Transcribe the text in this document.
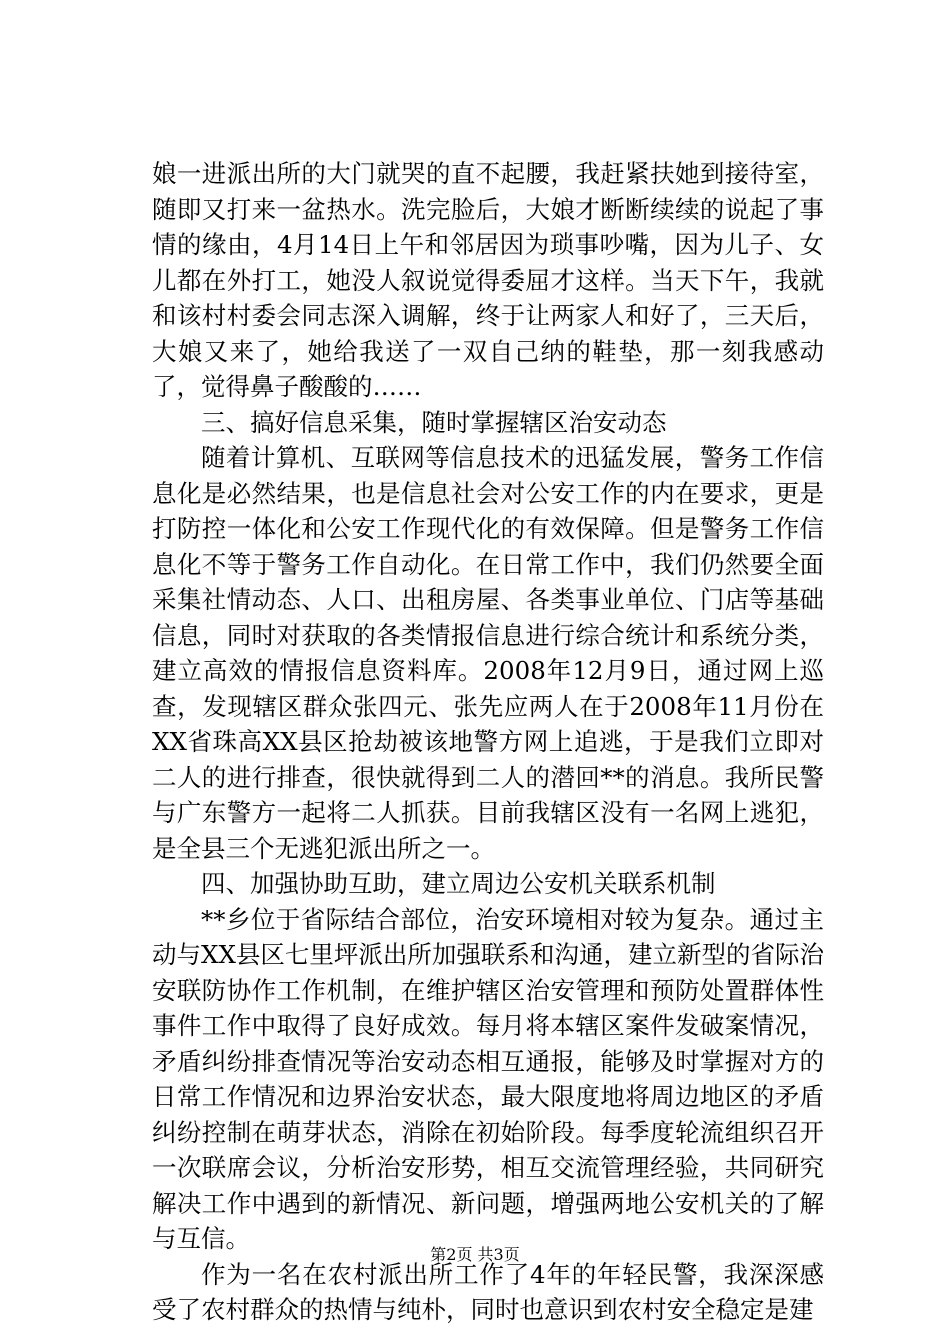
娘一进派出所的大门就哭的直不起腰，我赶紧扶她到接待室，随即又打来一盆热水。洗完脸后，大娘才断断续续的说起了事情的缘由，4月14日上午和邻居因为琐事吵嘴，因为儿子、女儿都在外打工，她没人叙说觉得委屈才这样。当天下午，我就和该村村委会同志深入调解，终于让两家人和好了，三天后，大娘又来了，她给我送了一双自己纳的鞋垫，那一刻我感动了，觉得鼻子酸酸的……

三、搞好信息采集，随时掌握辖区治安动态

随着计算机、互联网等信息技术的迅猛发展，警务工作信息化是必然结果，也是信息社会对公安工作的内在要求，更是打防控一体化和公安工作现代化的有效保障。但是警务工作信息化不等于警务工作自动化。在日常工作中，我们仍然要全面采集社情动态、人口、出租房屋、各类事业单位、门店等基础信息，同时对获取的各类情报信息进行综合统计和系统分类，建立高效的情报信息资料库。2008年12月9日，通过网上巡查，发现辖区群众张四元、张先应两人在于2008年11月份在XX省珠高XX县区抢劫被该地警方网上追逃，于是我们立即对二人的进行排查，很快就得到二人的潜回**的消息。我所民警与广东警方一起将二人抓获。目前我辖区没有一名网上逃犯，是全县三个无逃犯派出所之一。

四、加强协助互助，建立周边公安机关联系机制

**乡位于省际结合部位，治安环境相对较为复杂。通过主动与XX县区七里坪派出所加强联系和沟通，建立新型的省际治安联防协作工作机制，在维护辖区治安管理和预防处置群体性事件工作中取得了良好成效。每月将本辖区案件发破案情况，矛盾纠纷排查情况等治安动态相互通报，能够及时掌握对方的日常工作情况和边界治安状态，最大限度地将周边地区的矛盾纠纷控制在萌芽状态，消除在初始阶段。每季度轮流组织召开一次联席会议，分析治安形势，相互交流管理经验，共同研究解决工作中遇到的新情况、新问题，增强两地公安机关的了解与互信。

作为一名在农村派出所工作了4年的年轻民警，我深深感受了农村群众的热情与纯朴，同时也意识到农村安全稳定是建

第2页 共3页
